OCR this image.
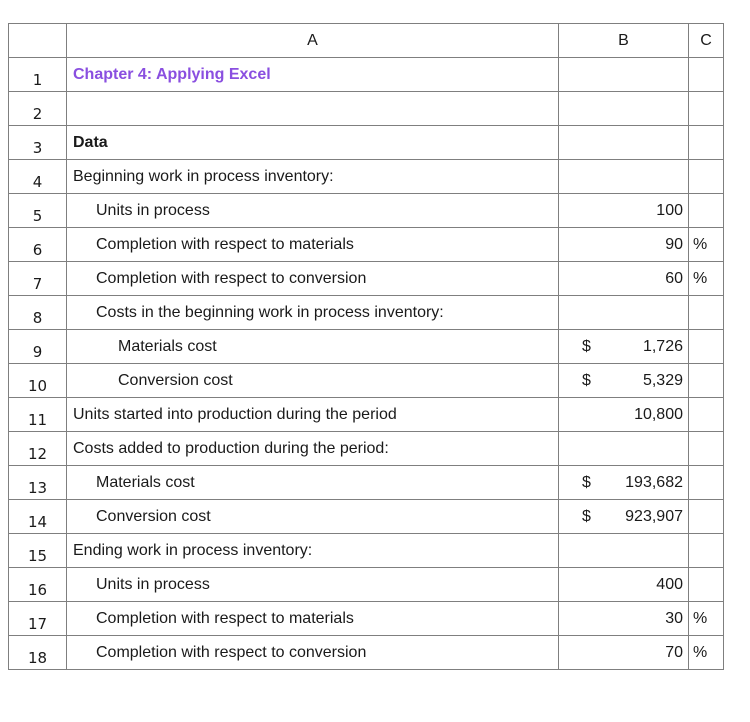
	A	B	C
1	Chapter 4: Applying Excel	

2		

3	Data	

4	Beginning work in process inventory:	

5	Units in process	100	

6	Completion with respect to materials	90	%
7	Completion with respect to conversion	60	%
8	Costs in the beginning work in process inventory:	

9	Materials cost	$ 1,726	

10	Conversion cost	$ 5,329	

11	Units started into production during the period	10,800	

12	Costs added to production during the period:	

13	Materials cost	$ 193,682	

14	Conversion cost	$ 923,907	

15	Ending work in process inventory:	

16	Units in process	400	

17	Completion with respect to materials	30	%
18	Completion with respect to conversion	70	%
